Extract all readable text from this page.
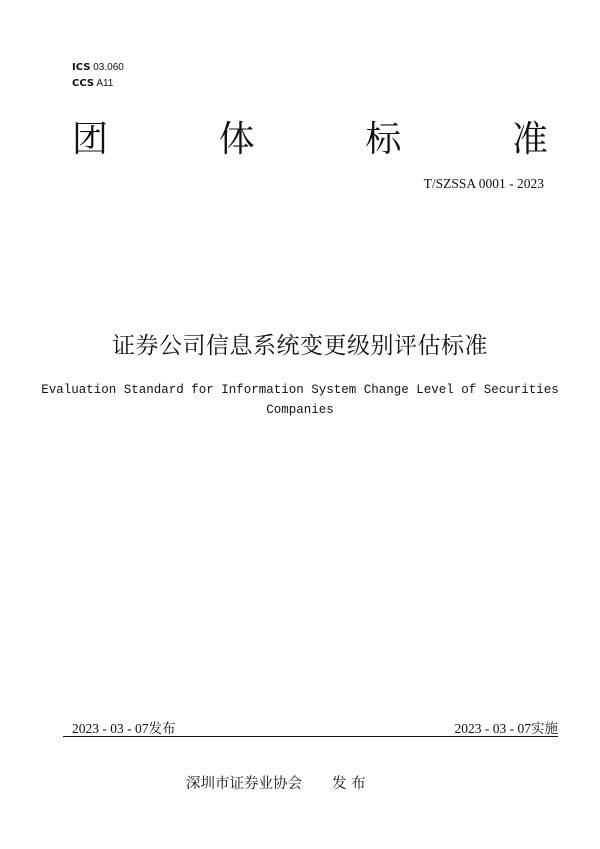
ICS 03.060
CCS A11
团	体	标	准
T/SZSSA 0001 - 2023
证券公司信息系统变更级别评估标准
Evaluation Standard for Information System Change Level of Securities
Companies
2023 - 03 - 07发布	2023 - 03 - 07实施
深圳市证券业协会 发 布
